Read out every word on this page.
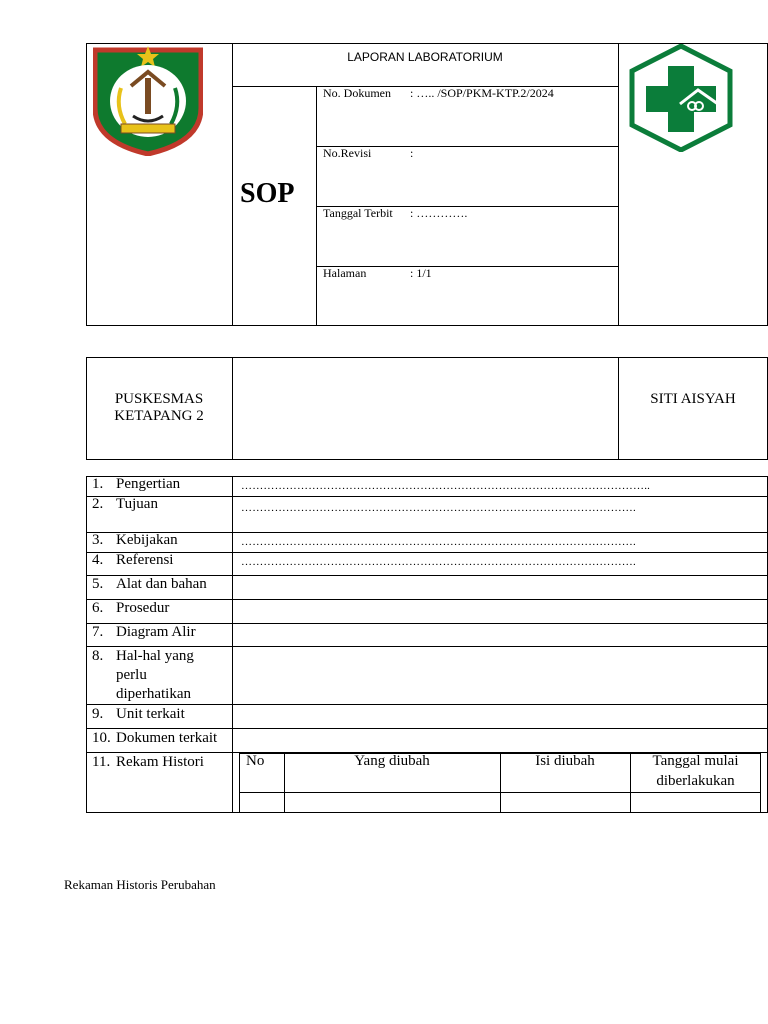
LAPORAN LABORATORIUM
SOP
No. Dokumen : ….. /SOP/PKM-KTP.2/2024
No.Revisi	:
Tanggal Terbit : ………….
Halaman	: 1/1
PUSKESMAS
KETAPANG 2
SITI AISYAH
1. Pengertian	………………………………………………………………………………………………..
2. Tujuan	…………………………………………………………………………………………….
3. Kebijakan	…………………………………………………………………………………………….
4. Referensi	…………………………………………………………………………………………….
5. Alat dan bahan
6. Prosedur
7. Diagram Alir
8. Hal-hal yang
perlu
diperhatikan
9. Unit terkait
10. Dokumen terkait
11. Rekam Histori	No	Yang diubah	Isi diubah	Tanggal mulai
diberlakukan
Rekaman Historis Perubahan
